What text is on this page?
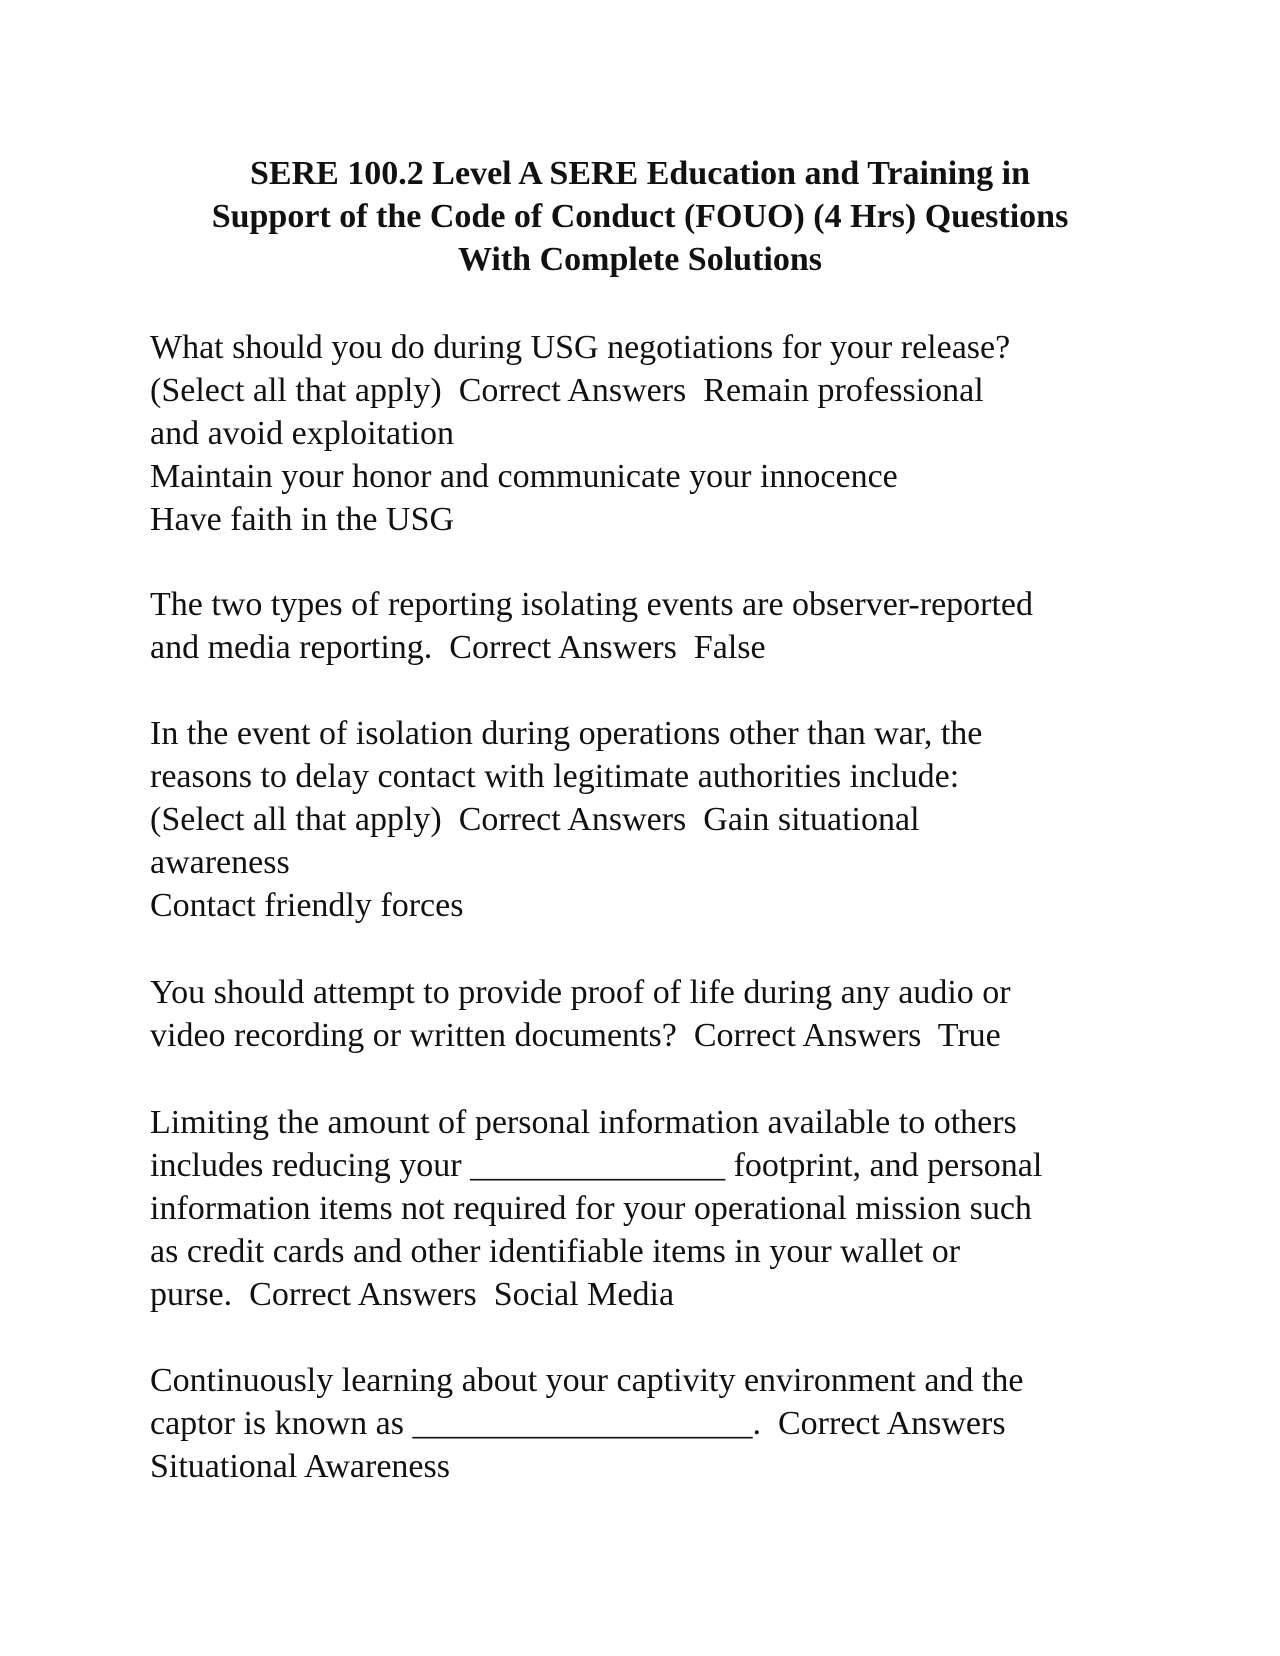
SERE 100.2 Level A SERE Education and Training in
Support of the Code of Conduct (FOUO) (4 Hrs) Questions
With Complete Solutions

What should you do during USG negotiations for your release?
(Select all that apply)  Correct Answers  Remain professional
and avoid exploitation
Maintain your honor and communicate your innocence
Have faith in the USG

The two types of reporting isolating events are observer-reported
and media reporting.  Correct Answers  False

In the event of isolation during operations other than war, the
reasons to delay contact with legitimate authorities include:
(Select all that apply)  Correct Answers  Gain situational
awareness
Contact friendly forces

You should attempt to provide proof of life during any audio or
video recording or written documents?  Correct Answers  True

Limiting the amount of personal information available to others
includes reducing your _______________ footprint, and personal
information items not required for your operational mission such
as credit cards and other identifiable items in your wallet or
purse.  Correct Answers  Social Media

Continuously learning about your captivity environment and the
captor is known as ____________________.  Correct Answers
Situational Awareness
